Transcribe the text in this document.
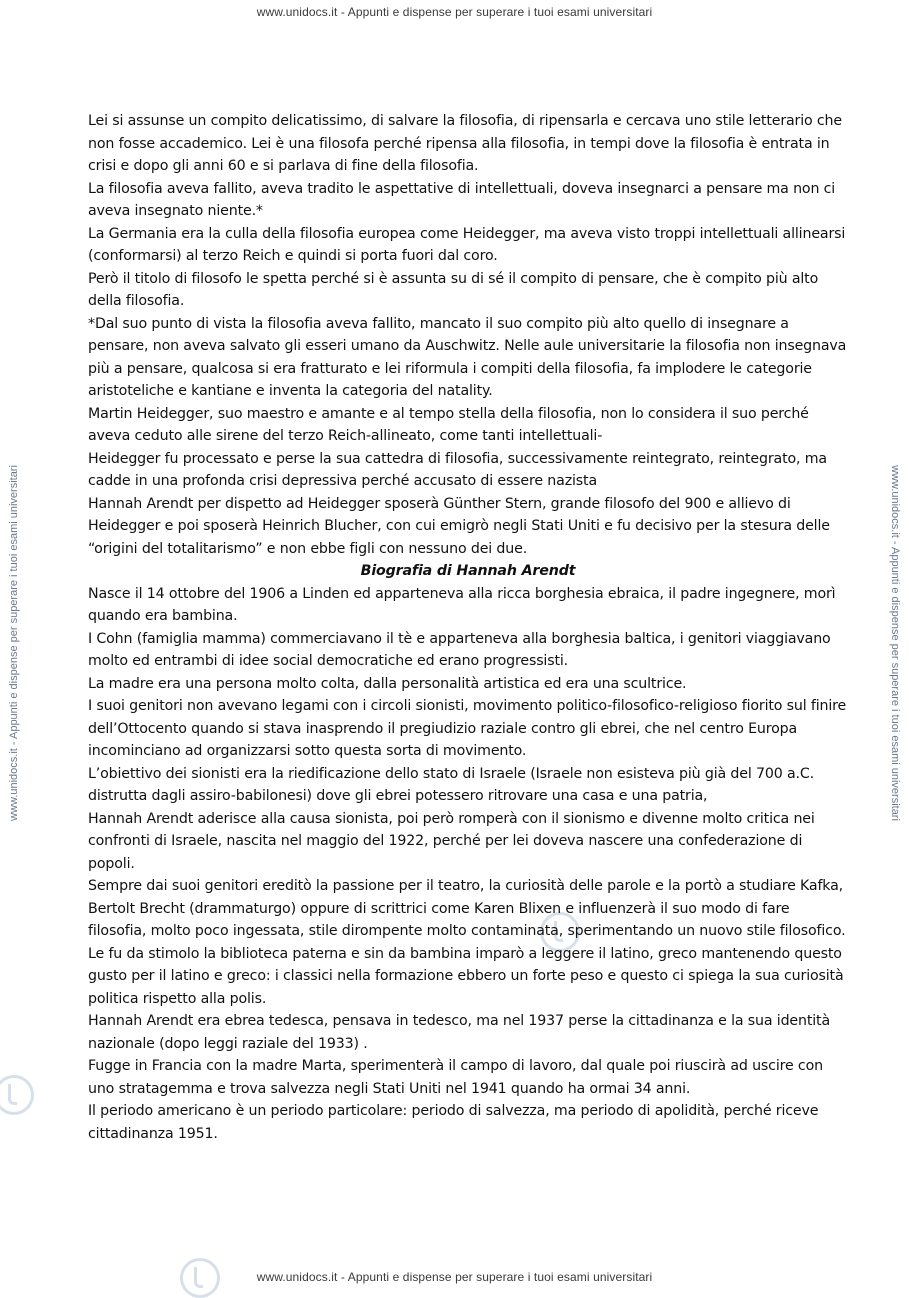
www.unidocs.it - Appunti e dispense per superare i tuoi esami universitari
www.unidocs.it - Appunti e dispense per superare i tuoi esami universitari	www.unidocs.it - Appunti e dispense per superare i tuoi esami universitari

Lei si assunse un compito delicatissimo, di salvare la filosofia, di ripensarla e cercava uno stile letterario che non fosse accademico. Lei è una filosofa perché ripensa alla filosofia, in tempi dove la filosofia è entrata in crisi e dopo gli anni 60 e si parlava di fine della filosofia.

La filosofia aveva fallito, aveva tradito le aspettative di intellettuali, doveva insegnarci a pensare ma non ci aveva insegnato niente.*

La Germania era la culla della filosofia europea come Heidegger, ma aveva visto troppi intellettuali allinearsi (conformarsi) al terzo Reich e quindi si porta fuori dal coro.

Però il titolo di filosofo le spetta perché si è assunta su di sé il compito di pensare, che è compito più alto della filosofia.

*Dal suo punto di vista la filosofia aveva fallito, mancato il suo compito più alto quello di insegnare a pensare, non aveva salvato gli esseri umano da Auschwitz. Nelle aule universitarie la filosofia non insegnava più a pensare, qualcosa si era fratturato e lei riformula i compiti della filosofia, fa implodere le categorie aristoteliche e kantiane e inventa la categoria del natality.

Martin Heidegger, suo maestro e amante e al tempo stella della filosofia, non lo considera il suo perché aveva ceduto alle sirene del terzo Reich-allineato, come tanti intellettuali-

Heidegger fu processato e perse la sua cattedra di filosofia, successivamente reintegrato, reintegrato, ma cadde in una profonda crisi depressiva perché accusato di essere nazista

Hannah Arendt per dispetto ad Heidegger sposerà Günther Stern, grande filosofo del 900 e allievo di Heidegger e poi sposerà Heinrich Blucher, con cui emigrò negli Stati Uniti e fu decisivo per la stesura delle “origini del totalitarismo” e non ebbe figli con nessuno dei due.

Biografia di Hannah Arendt

Nasce il 14 ottobre del 1906 a Linden ed apparteneva alla ricca borghesia ebraica, il padre ingegnere, morì quando era bambina.

I Cohn (famiglia mamma) commerciavano il tè e apparteneva alla borghesia baltica, i genitori viaggiavano molto ed entrambi di idee social democratiche ed erano progressisti.

La madre era una persona molto colta, dalla personalità artistica ed era una scultrice.

I suoi genitori non avevano legami con i circoli sionisti, movimento politico-filosofico-religioso fiorito sul finire dell’Ottocento quando si stava inasprendo il pregiudizio raziale contro gli ebrei, che nel centro Europa incominciano ad organizzarsi sotto questa sorta di movimento.

L’obiettivo dei sionisti era la riedificazione dello stato di Israele (Israele non esisteva più già del 700 a.C. distrutta dagli assiro-babilonesi) dove gli ebrei potessero ritrovare una casa e una patria,

Hannah Arendt aderisce alla causa sionista, poi però romperà con il sionismo e divenne molto critica nei confronti di Israele, nascita nel maggio del 1922, perché per lei doveva nascere una confederazione di popoli.

Sempre dai suoi genitori ereditò la passione per il teatro, la curiosità delle parole e la portò a studiare Kafka, Bertolt Brecht (drammaturgo) oppure di scrittrici come Karen Blixen e influenzerà il suo modo di fare filosofia, molto poco ingessata, stile dirompente molto contaminata, sperimentando un nuovo stile filosofico.

Le fu da stimolo la biblioteca paterna e sin da bambina imparò a leggere il latino, greco mantenendo questo gusto per il latino e greco: i classici nella formazione ebbero un forte peso e questo ci spiega la sua curiosità politica rispetto alla polis.

Hannah Arendt era ebrea tedesca, pensava in tedesco, ma nel 1937 perse la cittadinanza e la sua identità nazionale (dopo leggi raziale del 1933) .

Fugge in Francia con la madre Marta, sperimenterà il campo di lavoro, dal quale poi riuscirà ad uscire con uno stratagemma e trova salvezza negli Stati Uniti nel 1941 quando ha ormai 34 anni.

Il periodo americano è un periodo particolare: periodo di salvezza, ma periodo di apolidità, perché riceve cittadinanza 1951.

www.unidocs.it - Appunti e dispense per superare i tuoi esami universitari
